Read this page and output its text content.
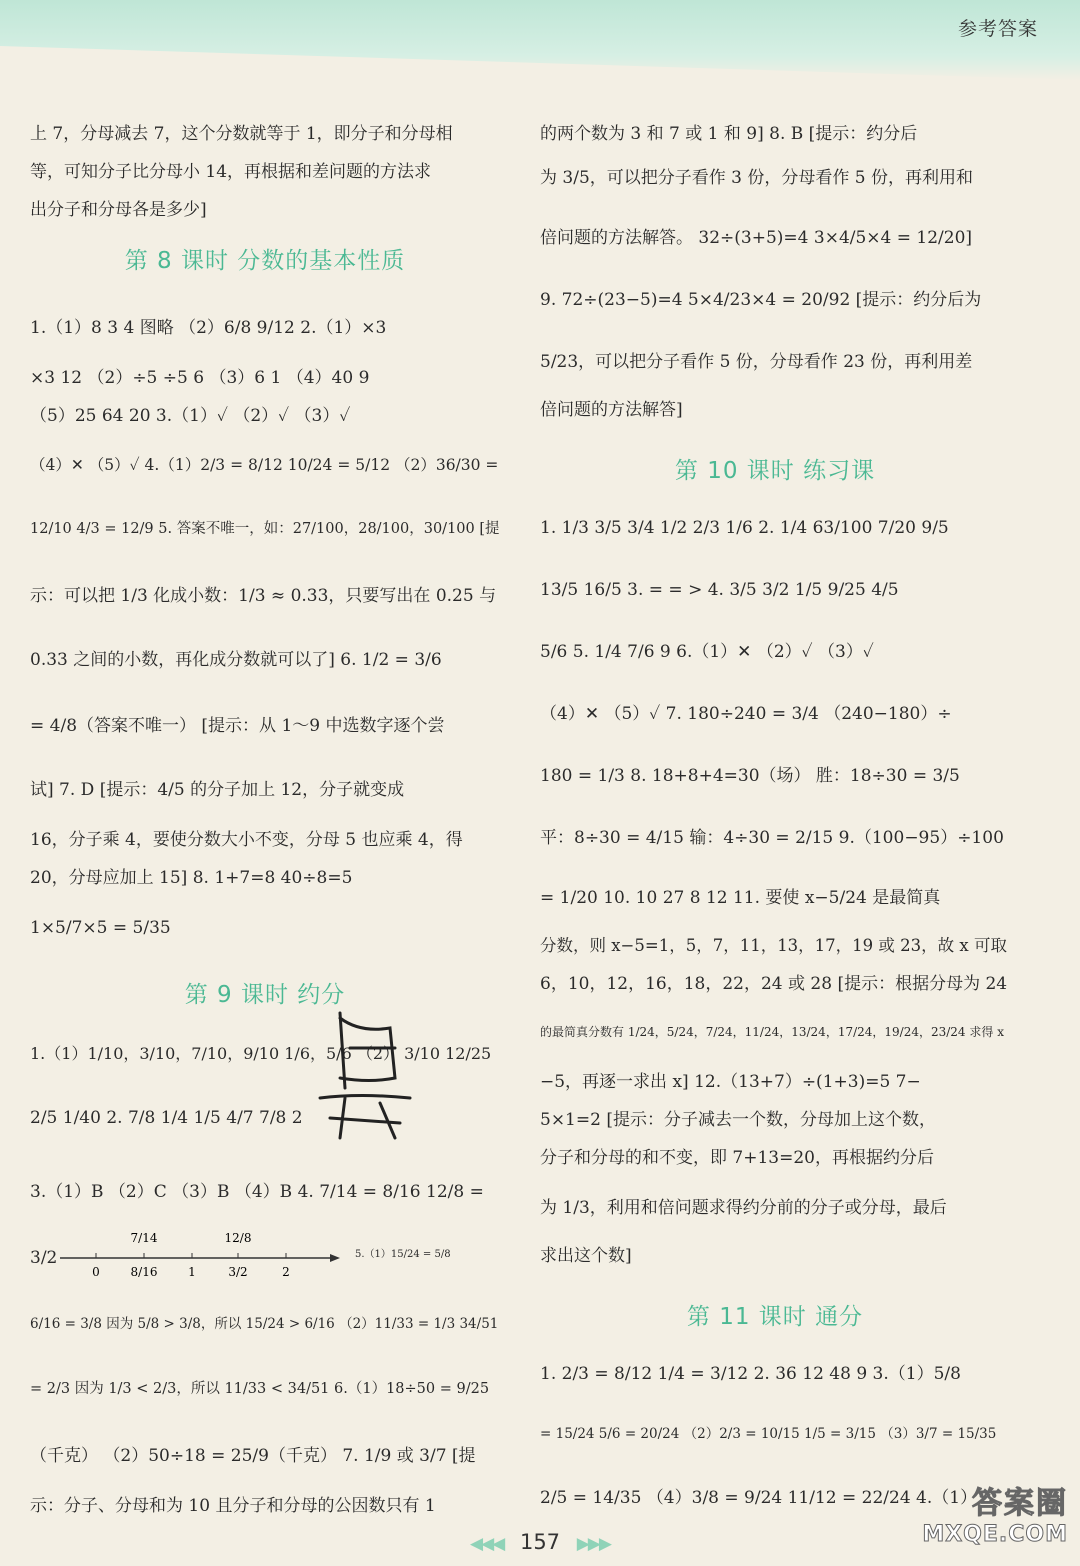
参考答案
第 8 课时 分数的基本性质
第 9 课时 约分
上 7，分母减去 7，这个分数就等于 1，即分子和分母相
等，可知分子比分母小 14，再根据和差问题的方法求
出分子和分母各是多少]
1.（1）8 3 4 图略 （2）6/8 9/12 2.（1）×3
×3 12 （2）÷5 ÷5 6 （3）6 1 （4）40 9
（5）25 64 20 3.（1）✓ （2）✓ （3）✓
（4）✕ （5）✓ 4.（1）2/3 = 8/12 10/24 = 5/12 （2）36/30 =
12/10 4/3 = 12/9 5. 答案不唯一，如：27/100，28/100，30/100 [提
示：可以把 1/3 化成小数：1/3 ≈ 0.33，只要写出在 0.25 与
0.33 之间的小数，再化成分数就可以了] 6. 1/2 = 3/6
= 4/8（答案不唯一） [提示：从 1～9 中选数字逐个尝
试] 7. D [提示：4/5 的分子加上 12，分子就变成
16，分子乘 4，要使分数大小不变，分母 5 也应乘 4，得
20，分母应加上 15] 8. 1+7=8 40÷8=5
1×5/7×5 = 5/35
1.（1）1/10，3/10，7/10，9/10 1/6，5/6 （2） 3/10 12/25
2/5 1/40 2. 7/8 1/4 1/5 4/7 7/8 2
3.（1）B （2）C （3）B （4）B 4. 7/14 = 8/16 12/8 =
3/2	5.（1）15/24 = 5/8
6/16 = 3/8 因为 5/8 > 3/8，所以 15/24 > 6/16 （2）11/33 = 1/3 34/51
= 2/3 因为 1/3 < 2/3，所以 11/33 < 34/51 6.（1）18÷50 = 9/25
（千克） （2）50÷18 = 25/9（千克） 7. 1/9 或 3/7 [提
示：分子、分母和为 10 且分子和分母的公因数只有 1
第 10 课时 练习课
第 11 课时 通分
的两个数为 3 和 7 或 1 和 9] 8. B [提示：约分后
为 3/5，可以把分子看作 3 份，分母看作 5 份，再利用和
倍问题的方法解答。 32÷(3+5)=4 3×4/5×4 = 12/20]
9. 72÷(23−5)=4 5×4/23×4 = 20/92 [提示：约分后为
5/23，可以把分子看作 5 份，分母看作 23 份，再利用差
倍问题的方法解答]
1. 1/3 3/5 3/4 1/2 2/3 1/6 2. 1/4 63/100 7/20 9/5
13/5 16/5 3. = = > 4. 3/5 3/2 1/5 9/25 4/5
5/6 5. 1/4 7/6 9 6.（1）✕ （2）✓ （3）✓
（4）✕ （5）✓ 7. 180÷240 = 3/4 （240−180）÷
180 = 1/3 8. 18+8+4=30（场） 胜：18÷30 = 3/5
平：8÷30 = 4/15 输：4÷30 = 2/15 9.（100−95）÷100
= 1/20 10. 10 27 8 12 11. 要使 x−5/24 是最简真
分数，则 x−5=1，5，7，11，13，17，19 或 23，故 x 可取
6，10，12，16，18，22，24 或 28 [提示：根据分母为 24
的最简真分数有 1/24，5/24，7/24，11/24，13/24，17/24，19/24，23/24 求得 x
−5，再逐一求出 x] 12.（13+7）÷(1+3)=5 7−
5×1=2 [提示：分子减去一个数，分母加上这个数，
分子和分母的和不变，即 7+13=20，再根据约分后
为 1/3，利用和倍问题求得约分前的分子或分母，最后
求出这个数]
1. 2/3 = 8/12 1/4 = 3/12 2. 36 12 48 9 3.（1）5/8
= 15/24 5/6 = 20/24 （2）2/3 = 10/15 1/5 = 3/15 （3）3/7 = 15/35
2/5 = 14/35 （4）3/8 = 9/24 11/12 = 22/24 4.（1）
7/14	12/8
0	8/16	1	3/2	2
◀◀◀ 157 ▶▶▶
答案圈
MXQE.COM
